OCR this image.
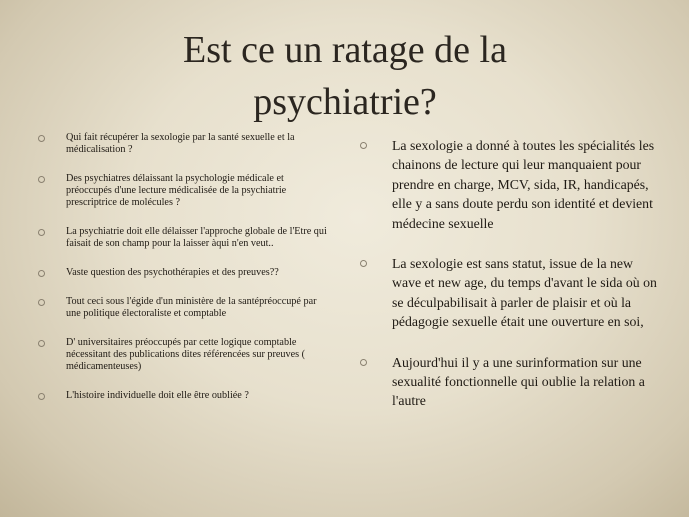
Est ce un ratage de la
psychiatrie?
Qui fait récupérer la sexologie par la santé sexuelle et la médicalisation ?
Des psychiatres délaissant la psychologie médicale et préoccupés d'une lecture médicalisée de la psychiatrie prescriptrice de molécules ?
La psychiatrie doit elle délaisser l'approche globale de l'Etre qui faisait de son champ pour la laisser àqui n'en veut..
Vaste question des psychothérapies et des preuves??
Tout ceci sous l'égide d'un ministère de la santépréoccupé par une politique électoraliste et comptable
D' universitaires préoccupés par cette logique comptable nécessitant des publications dites référencées sur preuves ( médicamenteuses)
L'histoire individuelle doit elle être oubliée ?
La sexologie a donné à toutes les spécialités les chainons de lecture qui leur manquaient pour prendre en charge, MCV, sida, IR, handicapés, elle y a sans doute perdu son identité et devient médecine sexuelle
La sexologie est sans statut, issue de la new wave et new age, du temps d'avant le sida où on se déculpabilisait à parler de plaisir et où la pédagogie sexuelle était une ouverture en soi,
Aujourd'hui il y a une surinformation sur une sexualité fonctionnelle qui oublie la relation a l'autre
